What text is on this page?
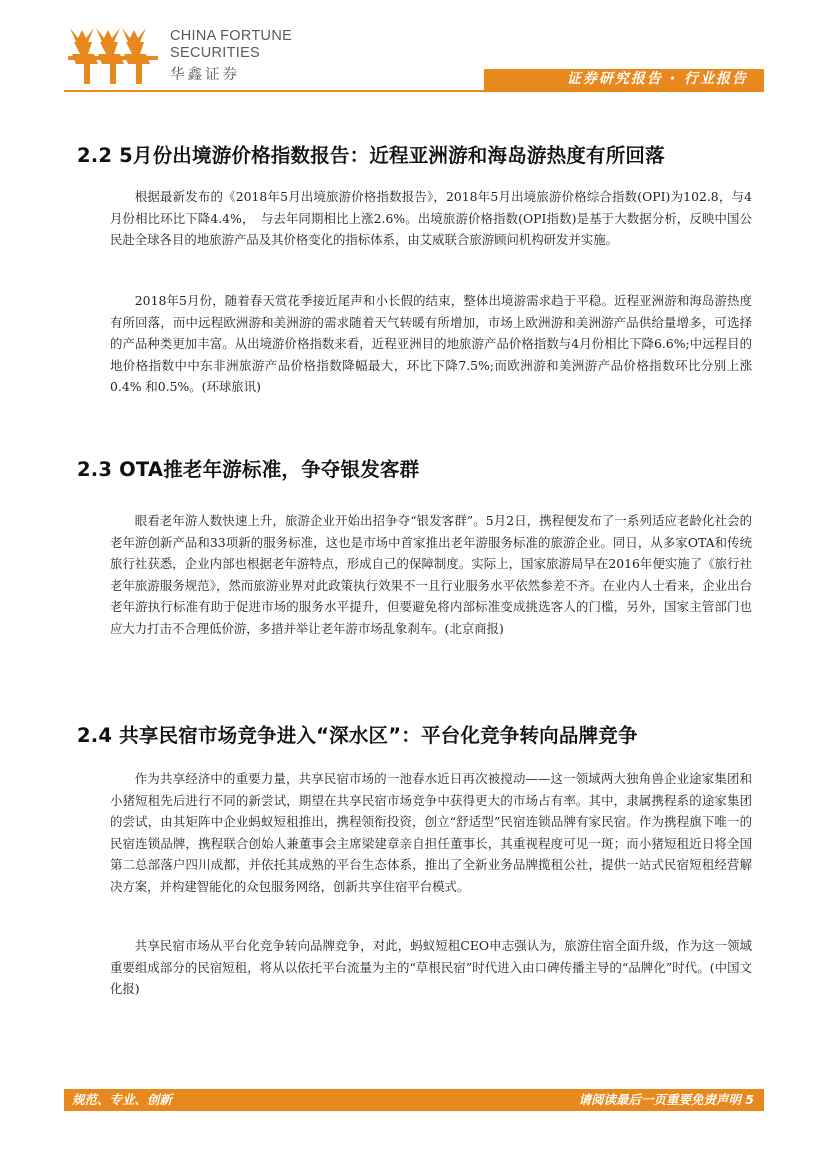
CHINA FORTUNE
SECURITIES
华鑫证券	证券研究报告 · 行业报告
2.2 5月份出境游价格指数报告：近程亚洲游和海岛游热度有所回落

根据最新发布的《2018年5月出境旅游价格指数报告》，2018年5月出境旅游价格综合指数(OPI)为102.8，与4月份相比环比下降4.4%，　与去年同期相比上涨2.6%。出境旅游价格指数(OPI指数)是基于大数据分析，反映中国公民赴全球各目的地旅游产品及其价格变化的指标体系，由艾威联合旅游顾问机构研发并实施。

2018年5月份，随着春天赏花季接近尾声和小长假的结束，整体出境游需求趋于平稳。近程亚洲游和海岛游热度有所回落，而中远程欧洲游和美洲游的需求随着天气转暖有所增加，市场上欧洲游和美洲游产品供给量增多，可选择的产品种类更加丰富。从出境游价格指数来看，近程亚洲目的地旅游产品价格指数与4月份相比下降6.6%;中远程目的地价格指数中中东非洲旅游产品价格指数降幅最大，环比下降7.5%;而欧洲游和美洲游产品价格指数环比分别上涨0.4% 和0.5%。(环球旅讯)

2.3 OTA推老年游标准，争夺银发客群

眼看老年游人数快速上升，旅游企业开始出招争夺“银发客群”。5月2日，携程便发布了一系列适应老龄化社会的老年游创新产品和33项新的服务标准，这也是市场中首家推出老年游服务标准的旅游企业。同日，从多家OTA和传统旅行社获悉，企业内部也根据老年游特点，形成自己的保障制度。实际上，国家旅游局早在2016年便实施了《旅行社老年旅游服务规范》，然而旅游业界对此政策执行效果不一且行业服务水平依然参差不齐。在业内人士看来，企业出台老年游执行标准有助于促进市场的服务水平提升，但要避免将内部标准变成挑选客人的门槛，另外，国家主管部门也应大力打击不合理低价游，多措并举让老年游市场乱象刹车。(北京商报)

2.4 共享民宿市场竞争进入“深水区”：平台化竞争转向品牌竞争

作为共享经济中的重要力量，共享民宿市场的一池春水近日再次被搅动——这一领域两大独角兽企业途家集团和小猪短租先后进行不同的新尝试，期望在共享民宿市场竞争中获得更大的市场占有率。其中，隶属携程系的途家集团的尝试，由其矩阵中企业蚂蚁短租推出，携程领衔投资，创立“舒适型”民宿连锁品牌有家民宿。作为携程旗下唯一的民宿连锁品牌，携程联合创始人兼董事会主席梁建章亲自担任董事长，其重视程度可见一斑；而小猪短租近日将全国第二总部落户四川成都，并依托其成熟的平台生态体系，推出了全新业务品牌揽租公社，提供一站式民宿短租经营解决方案，并构建智能化的众包服务网络，创新共享住宿平台模式。

共享民宿市场从平台化竞争转向品牌竞争，对此，蚂蚁短租CEO申志强认为，旅游住宿全面升级，作为这一领域重要组成部分的民宿短租，将从以依托平台流量为主的“草根民宿”时代进入由口碑传播主导的“品牌化”时代。(中国文化报)

规范、专业、创新	请阅读最后一页重要免责声明 5
